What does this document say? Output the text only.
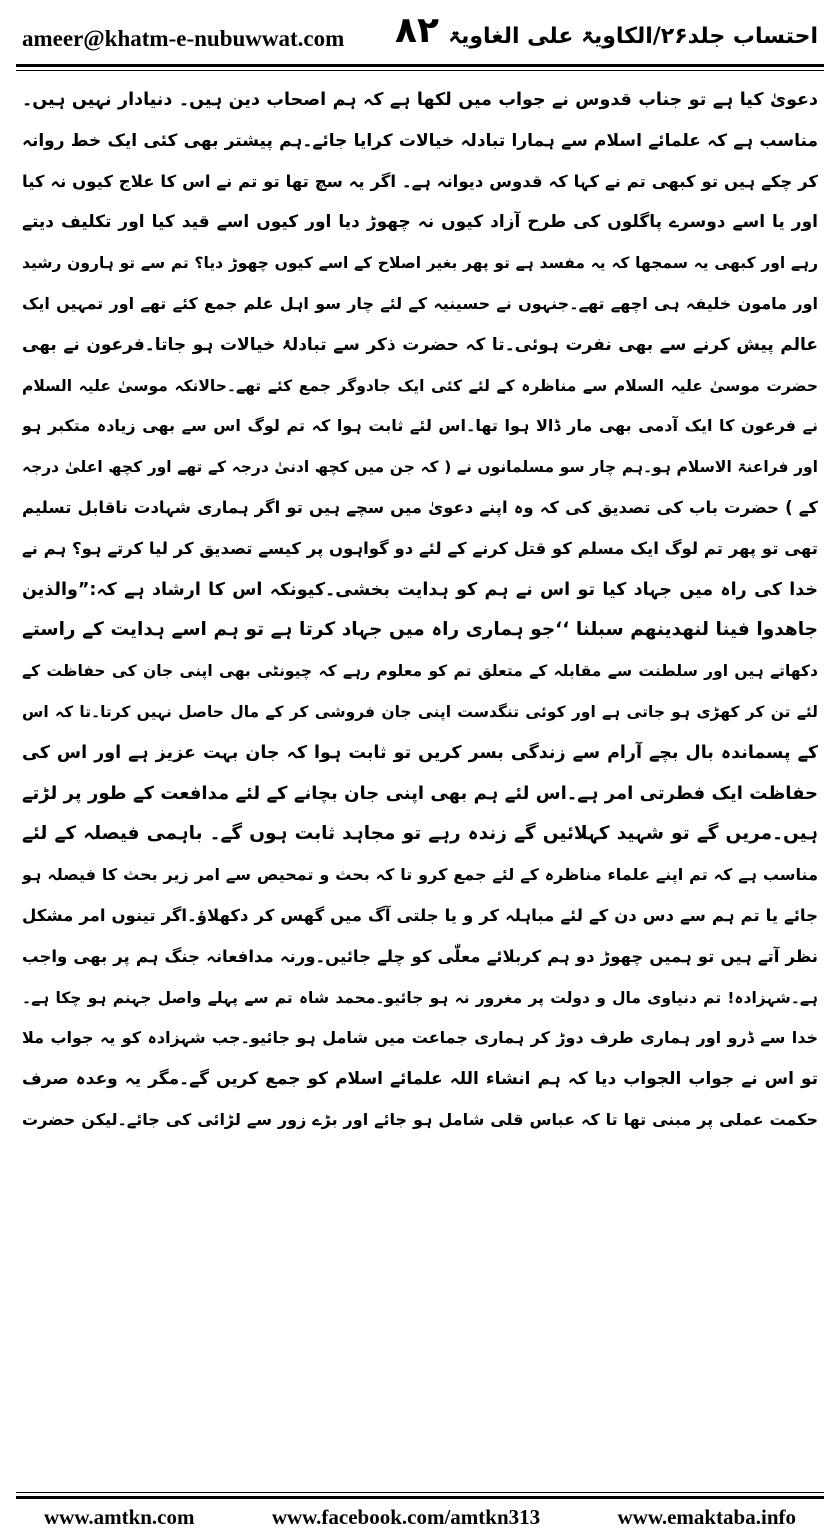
ameer@khatm-e-nubuwwat.com ۸۲ احتساب جلد۲۶/الکاویۃ علی الغاویۃ
دعویٰ کیا ہے تو جناب قدوس نے جواب میں لکھا ہے کہ ہم اصحاب دین ہیں۔ دنیادار نہیں ہیں۔
مناسب ہے کہ علمائے اسلام سے ہمارا تبادلہ خیالات کرایا جائے۔ہم پیشتر بھی کئی ایک خط روانہ
کر چکے ہیں تو کبھی تم نے کہا کہ قدوس دیوانہ ہے۔ اگر یہ سچ تھا تو تم نے اس کا علاج کیوں نہ کیا
اور یا اسے دوسرے پاگلوں کی طرح آزاد کیوں نہ چھوڑ دیا اور کیوں اسے قید کیا اور تکلیف دیتے
رہے اور کبھی یہ سمجھا کہ یہ مفسد ہے تو پھر بغیر اصلاح کے اسے کیوں چھوڑ دیا؟ تم سے تو ہارون رشید
اور مامون خلیفہ ہی اچھے تھے۔جنہوں نے حسینیہ کے لئے چار سو اہل علم جمع کئے تھے اور تمہیں ایک
عالم پیش کرنے سے بھی نفرت ہوئی۔تا کہ حضرت ذکر سے تبادلۂ خیالات ہو جاتا۔فرعون نے بھی
حضرت موسیٰ علیہ السلام سے مناظرہ کے لئے کئی ایک جادوگر جمع کئے تھے۔حالانکہ موسیٰ علیہ السلام
نے فرعون کا ایک آدمی بھی مار ڈالا ہوا تھا۔اس لئے ثابت ہوا کہ تم لوگ اس سے بھی زیادہ متکبر ہو
اور فراعنۃ الاسلام ہو۔ہم چار سو مسلمانوں نے ( کہ جن میں کچھ ادنیٰ درجہ کے تھے اور کچھ اعلیٰ درجہ
کے ) حضرت باب کی تصدیق کی کہ وہ اپنے دعویٰ میں سچے ہیں تو اگر ہماری شہادت ناقابل تسلیم
تھی تو پھر تم لوگ ایک مسلم کو قتل کرنے کے لئے دو گواہوں پر کیسے تصدیق کر لیا کرتے ہو؟ ہم نے
خدا کی راہ میں جہاد کیا تو اس نے ہم کو ہدایت بخشی۔کیونکہ اس کا ارشاد ہے کہ:”والذین
جاھدوا فینا لنھدینھم سبلنا ‘‘جو ہماری راہ میں جہاد کرتا ہے تو ہم اسے ہدایت کے راستے
دکھاتے ہیں اور سلطنت سے مقابلہ کے متعلق تم کو معلوم رہے کہ چیونٹی بھی اپنی جان کی حفاظت کے
لئے تن کر کھڑی ہو جاتی ہے اور کوئی تنگدست اپنی جان فروشی کر کے مال حاصل نہیں کرتا۔تا کہ اس
کے پسماندہ بال بچے آرام سے زندگی بسر کریں تو ثابت ہوا کہ جان بہت عزیز ہے اور اس کی
حفاظت ایک فطرتی امر ہے۔اس لئے ہم بھی اپنی جان بچانے کے لئے مدافعت کے طور پر لڑتے
ہیں۔مریں گے تو شہید کہلائیں گے زندہ رہے تو مجاہد ثابت ہوں گے۔ باہمی فیصلہ کے لئے
مناسب ہے کہ تم اپنے علماء مناظرہ کے لئے جمع کرو تا کہ بحث و تمحیص سے امر زیر بحث کا فیصلہ ہو
جائے یا تم ہم سے دس دن کے لئے مباہلہ کر و یا جلتی آگ میں گھس کر دکھلاؤ۔اگر تینوں امر مشکل
نظر آتے ہیں تو ہمیں چھوڑ دو ہم کربلائے معلّٰی کو چلے جائیں۔ورنہ مدافعانہ جنگ ہم پر بھی واجب
ہے۔شہزادہ! تم دنیاوی مال و دولت پر مغرور نہ ہو جائیو۔محمد شاہ تم سے پہلے واصل جہنم ہو چکا ہے۔
خدا سے ڈرو اور ہماری طرف دوڑ کر ہماری جماعت میں شامل ہو جائیو۔جب شہزادہ کو یہ جواب ملا
تو اس نے جواب الجواب دیا کہ ہم انشاء اللہ علمائے اسلام کو جمع کریں گے۔مگر یہ وعدہ صرف
حکمت عملی پر مبنی تھا تا کہ عباس قلی شامل ہو جائے اور بڑے زور سے لڑائی کی جائے۔لیکن حضرت
www.amtkn.com	www.facebook.com/amtkn313	www.emaktaba.info
